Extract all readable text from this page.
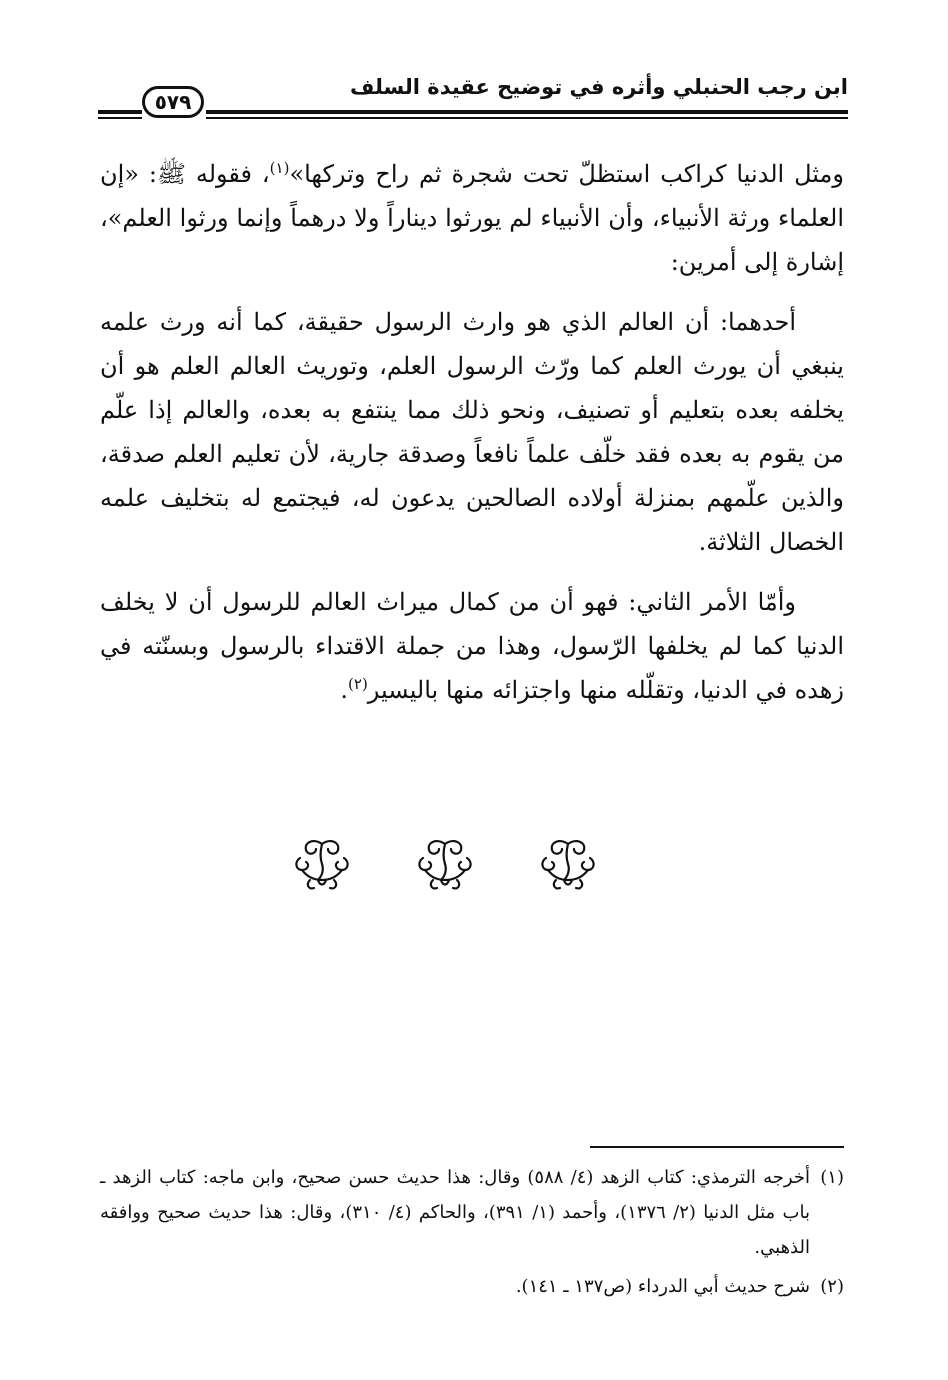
ابن رجب الحنبلي وأثره في توضيح عقيدة السلف
٥٧٩

ومثل الدنيا كراكب استظلّ تحت شجرة ثم راح وتركها»$^{(١)}$، فقوله ﷺ: «إن العلماء ورثة الأنبياء، وأن الأنبياء لم يورثوا ديناراً ولا درهماً وإنما ورثوا العلم»، إشارة إلى أمرين:

أحدهما: أن العالم الذي هو وارث الرسول حقيقة، كما أنه ورث علمه ينبغي أن يورث العلم كما ورّث الرسول العلم، وتوريث العالم العلم هو أن يخلفه بعده بتعليم أو تصنيف، ونحو ذلك مما ينتفع به بعده، والعالم إذا علّم من يقوم به بعده فقد خلّف علماً نافعاً وصدقة جارية، لأن تعليم العلم صدقة، والذين علّمهم بمنزلة أولاده الصالحين يدعون له، فيجتمع له بتخليف علمه الخصال الثلاثة.

وأمّا الأمر الثاني: فهو أن من كمال ميراث العالم للرسول أن لا يخلف الدنيا كما لم يخلفها الرّسول، وهذا من جملة الاقتداء بالرسول وبسنّته في زهده في الدنيا، وتقلّله منها واجتزائه منها باليسير$^{(٢)}$.

(١)أخرجه الترمذي: كتاب الزهد (٤/ ٥٨٨) وقال: هذا حديث حسن صحيح، وابن ماجه: كتاب الزهد ـ باب مثل الدنيا (٢/ ١٣٧٦)، وأحمد (١/ ٣٩١)، والحاكم (٤/ ٣١٠)، وقال: هذا حديث صحيح ووافقه الذهبي.

(٢)شرح حديث أبي الدرداء (ص١٣٧ ـ ١٤١).
